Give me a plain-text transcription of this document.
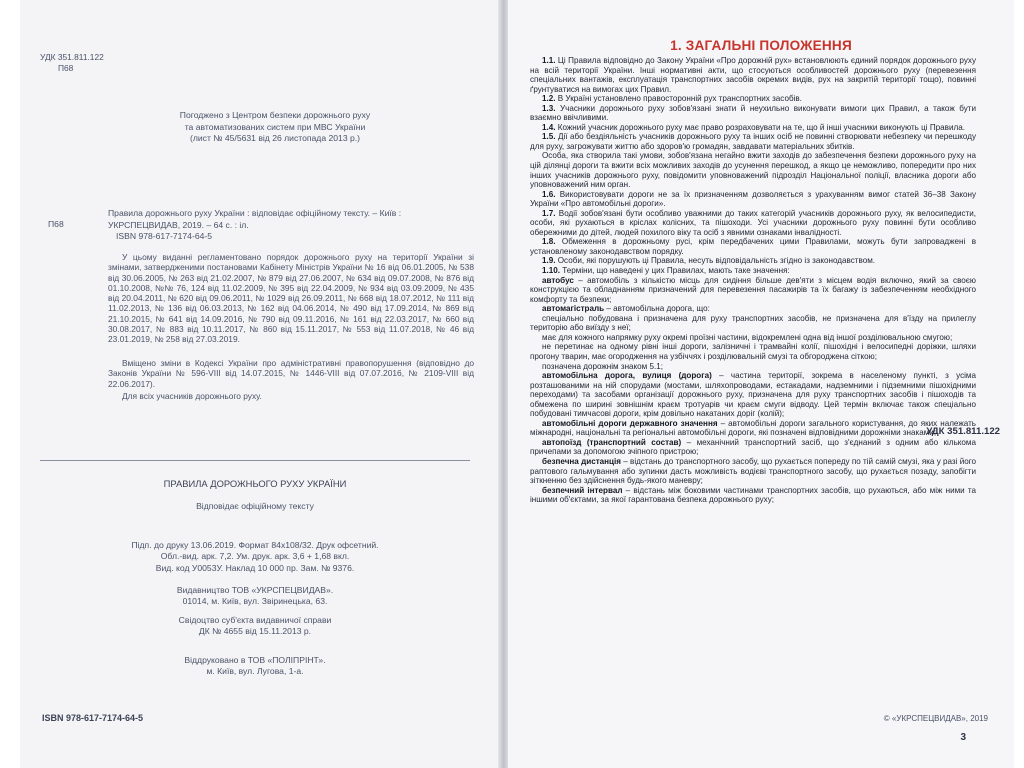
УДК 351.811.122
П68
Погоджено з Центром безпеки дорожнього руху
та автоматизованих систем при МВС України
(лист № 45/5631 від 26 листопада 2013 р.)
П68
Правила дорожнього руху України : відповідає офіційному тексту. – Київ :
УКРСПЕЦВИДАВ, 2019. – 64 с. : іл.
ISBN 978-617-7174-64-5
У цьому виданні регламентовано порядок дорожнього руху на території України зі змінами, затвердженими постановами Кабінету Міністрів України № 16 від 06.01.2005, № 538 від 30.06.2005, № 263 від 21.02.2007, № 879 від 27.06.2007, № 634 від 09.07.2008, № 876 від 01.10.2008, №№ 76, 124 від 11.02.2009, № 395 від 22.04.2009, № 934 від 03.09.2009, № 435 від 20.04.2011, № 620 від 09.06.2011, № 1029 від 26.09.2011, № 668 від 18.07.2012, № 111 від 11.02.2013, № 136 від 06.03.2013, № 162 від 04.06.2014, № 490 від 17.09.2014, № 869 від 21.10.2015, № 641 від 14.09.2016, № 790 від 09.11.2016, № 161 від 22.03.2017, № 660 від 30.08.2017, № 883 від 10.11.2017, № 860 від 15.11.2017, № 553 від 11.07.2018, № 46 від 23.01.2019, № 258 від 27.03.2019.
Вміщено зміни в Кодексі України про адміністративні правопорушення (відповідно до Законів України № 596-VIII від 14.07.2015, № 1446-VIII від 07.07.2016, № 2109-VIII від 22.06.2017).
Для всіх учасників дорожнього руху.
УДК 351.811.122
ПРАВИЛА ДОРОЖНЬОГО РУХУ УКРАЇНИ
Відповідає офіційному тексту
Підп. до друку 13.06.2019. Формат 84x108/32. Друк офсетний.
Обл.-вид. арк. 7,2. Ум. друк. арк. 3,6 + 1,68 вкл.
Вид. код У0053У. Наклад 10 000 пр. Зам. № 9376.
Видавництво ТОВ «УКРСПЕЦВИДАВ».
01014, м. Київ, вул. Звіринецька, 63.
Свідоцтво суб'єкта видавничої справи
ДК № 4655 від 15.11.2013 р.
Віддруковано в ТОВ «ПОЛІПРІНТ».
м. Київ, вул. Лугова, 1-а.
ISBN 978-617-7174-64-5	© «УКРСПЕЦВИДАВ», 2019
1. ЗАГАЛЬНІ ПОЛОЖЕННЯ

1.1. Ці Правила відповідно до Закону України «Про дорожній рух» встановлюють єдиний порядок дорожнього руху на всій території України. Інші нормативні акти, що стосуються особливостей дорожнього руху (перевезення спеціальних вантажів, експлуатація транспортних засобів окремих видів, рух на закритій території тощо), повинні ґрунтуватися на вимогах цих Правил.

1.2. В Україні установлено правосторонній рух транспортних засобів.

1.3. Учасники дорожнього руху зобов'язані знати й неухильно виконувати вимоги цих Правил, а також бути взаємно ввічливими.

1.4. Кожний учасник дорожнього руху має право розраховувати на те, що й інші учасники виконують ці Правила.

1.5. Дії або бездіяльність учасників дорожнього руху та інших осіб не повинні створювати небезпеку чи перешкоду для руху, загрожувати життю або здоров'ю громадян, завдавати матеріальних збитків.

Особа, яка створила такі умови, зобов'язана негайно вжити заходів до забезпечення безпеки дорожнього руху на цій ділянці дороги та вжити всіх можливих заходів до усунення перешкод, а якщо це неможливо, попередити про них інших учасників дорожнього руху, повідомити уповноважений підрозділ Національної поліції, власника дороги або уповноважений ним орган.

1.6. Використовувати дороги не за їх призначенням дозволяється з урахуванням вимог статей 36–38 Закону України «Про автомобільні дороги».

1.7. Водії зобов'язані бути особливо уважними до таких категорій учасників дорожнього руху, як велосипедисти, особи, які рухаються в кріслах колісних, та пішоходи. Усі учасники дорожнього руху повинні бути особливо обережними до дітей, людей похилого віку та осіб з явними ознаками інвалідності.

1.8. Обмеження в дорожньому русі, крім передбачених цими Правилами, можуть бути запроваджені в установленому законодавством порядку.

1.9. Особи, які порушують ці Правила, несуть відповідальність згідно із законодавством.

1.10. Терміни, що наведені у цих Правилах, мають таке значення:

автобус – автомобіль з кількістю місць для сидіння більше дев'яти з місцем водія включно, який за своєю конструкцією та обладнанням призначений для перевезення пасажирів та їх багажу із забезпеченням необхідного комфорту та безпеки;

автомагістраль – автомобільна дорога, що:

спеціально побудована і призначена для руху транспортних засобів, не призначена для в'їзду на прилеглу територію або виїзду з неї;

має для кожного напрямку руху окремі проїзні частини, відокремлені одна від іншої розділювальною смугою;

не перетинає на одному рівні інші дороги, залізничні і трамвайні колії, пішохідні і велосипедні доріжки, шляхи прогону тварин, має огородження на узбіччях і розділювальній смузі та обгороджена сіткою;

позначена дорожнім знаком 5.1;

автомобільна дорога, вулиця (дорога) – частина території, зокрема в населеному пункті, з усіма розташованими на ній спорудами (мостами, шляхопроводами, естакадами, надземними і підземними пішохідними переходами) та засобами організації дорожнього руху, призначена для руху транспортних засобів і пішоходів та обмежена по ширині зовнішнім краєм тротуарів чи краєм смуги відводу. Цей термін включає також спеціально побудовані тимчасові дороги, крім довільно накатаних доріг (колій);

автомобільні дороги державного значення – автомобільні дороги загального користування, до яких належать міжнародні, національні та регіональні автомобільні дороги, які позначені відповідними дорожніми знаками;

автопоїзд (транспортний состав) – механічний транспортний засіб, що з'єднаний з одним або кількома причепами за допомогою зчіпного пристрою;

безпечна дистанція – відстань до транспортного засобу, що рухається попереду по тій самій смузі, яка у разі його раптового гальмування або зупинки дасть можливість водієві транспортного засобу, що рухається позаду, запобігти зіткненню без здійснення будь-якого маневру;

безпечний інтервал – відстань між боковими частинами транспортних засобів, що рухаються, або між ними та іншими об'єктами, за якої гарантована безпека дорожнього руху;

3
